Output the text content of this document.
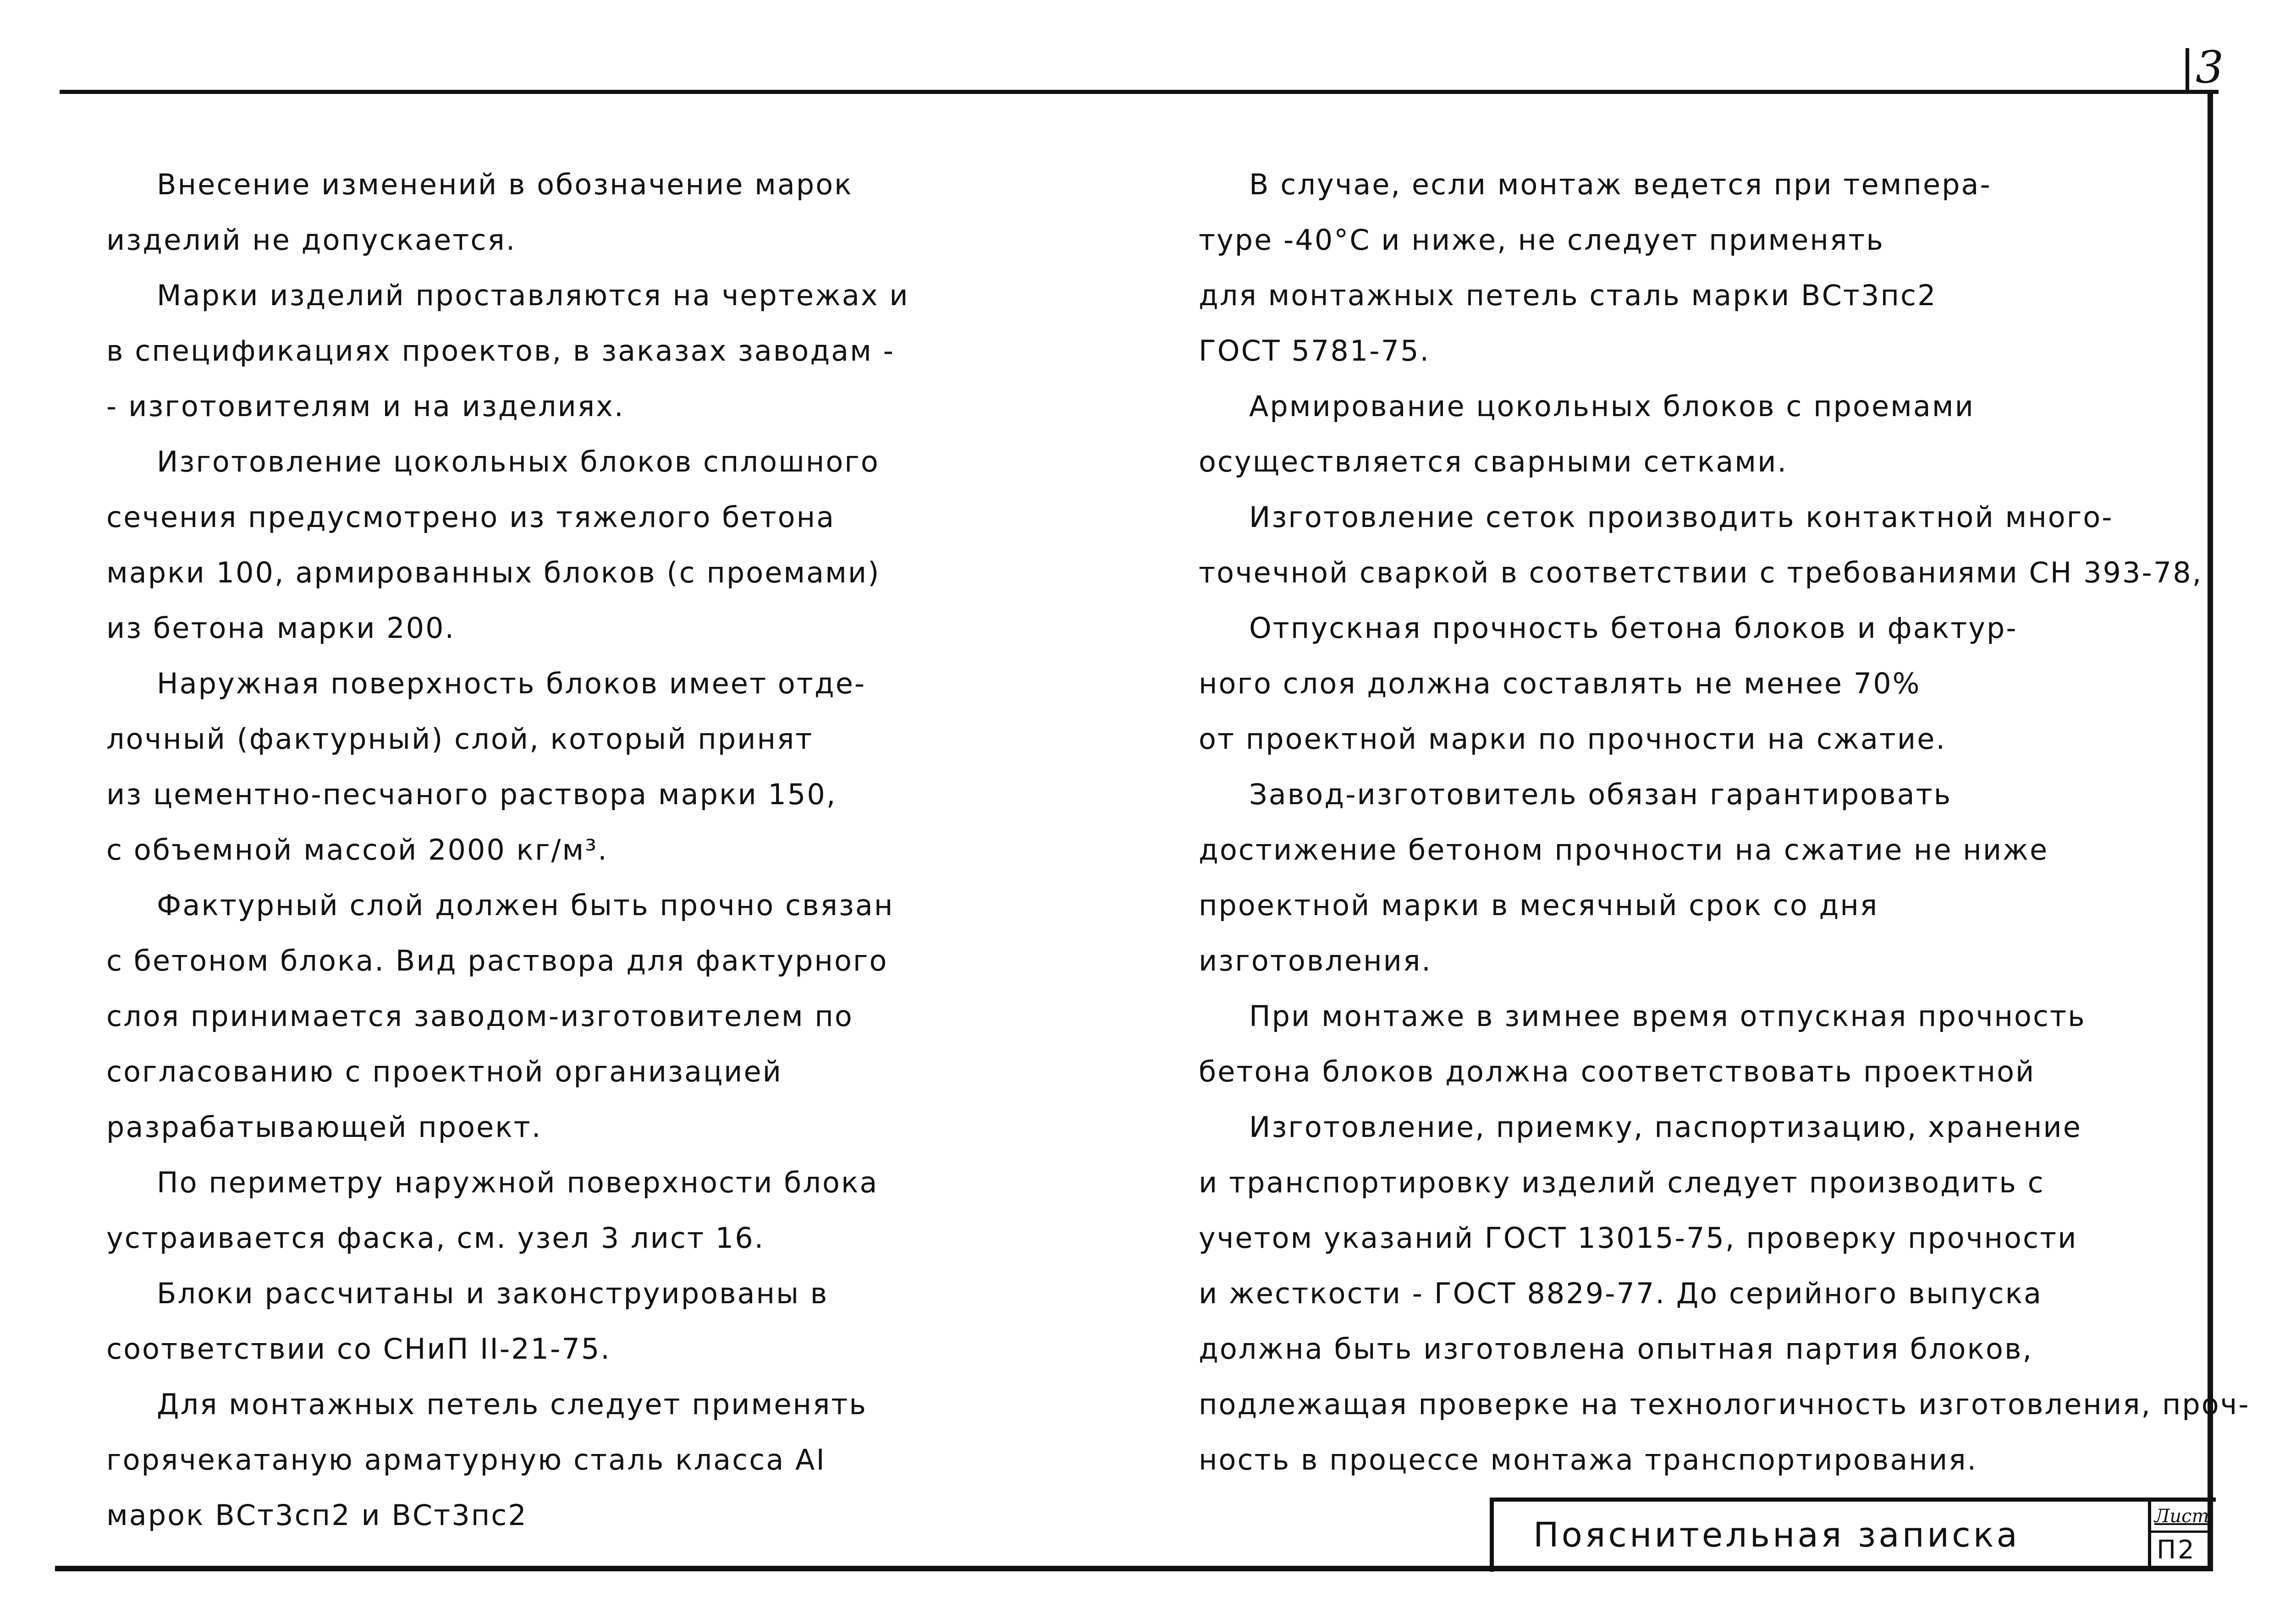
3
Внесение изменений в обозначение марок
изделий не допускается.
Марки изделий проставляются на чертежах и
в спецификациях проектов, в заказах заводам -
- изготовителям и на изделиях.
Изготовление цокольных блоков сплошного
сечения предусмотрено из тяжелого бетона
марки 100, армированных блоков (с проемами)
из бетона марки 200.
Наружная поверхность блоков имеет отде-
лочный (фактурный) слой, который принят
из цементно-песчаного раствора марки 150,
с объемной массой 2000 кг/м³.
Фактурный слой должен быть прочно связан
с бетоном блока. Вид раствора для фактурного
слоя принимается заводом-изготовителем по
согласованию с проектной организацией
разрабатывающей проект.
По периметру наружной поверхности блока
устраивается фаска, см. узел 3 лист 16.
Блоки рассчитаны и законструированы в
соответствии со СНиП II-21-75.
Для монтажных петель следует применять
горячекатаную арматурную сталь класса АI
марок ВСт3сп2 и ВСт3пс2
В случае, если монтаж ведется при темпера-
туре -40°С и ниже, не следует применять
для монтажных петель сталь марки ВСт3пс2
ГОСТ 5781-75.
Армирование цокольных блоков с проемами
осуществляется сварными сетками.
Изготовление сеток производить контактной много-
точечной сваркой в соответствии с требованиями СН 393-78,
Отпускная прочность бетона блоков и фактур-
ного слоя должна составлять не менее 70%
от проектной марки по прочности на сжатие.
Завод-изготовитель обязан гарантировать
достижение бетоном прочности на сжатие не ниже
проектной марки в месячный срок со дня
изготовления.
При монтаже в зимнее время отпускная прочность
бетона блоков должна соответствовать проектной
Изготовление, приемку, паспортизацию, хранение
и транспортировку изделий следует производить с
учетом указаний ГОСТ 13015-75, проверку прочности
и жесткости - ГОСТ 8829-77. До серийного выпуска
должна быть изготовлена опытная партия блоков,
подлежащая проверке на технологичность изготовления, проч-
ность в процессе монтажа транспортирования.
Пояснительная записка	Лист
П2
